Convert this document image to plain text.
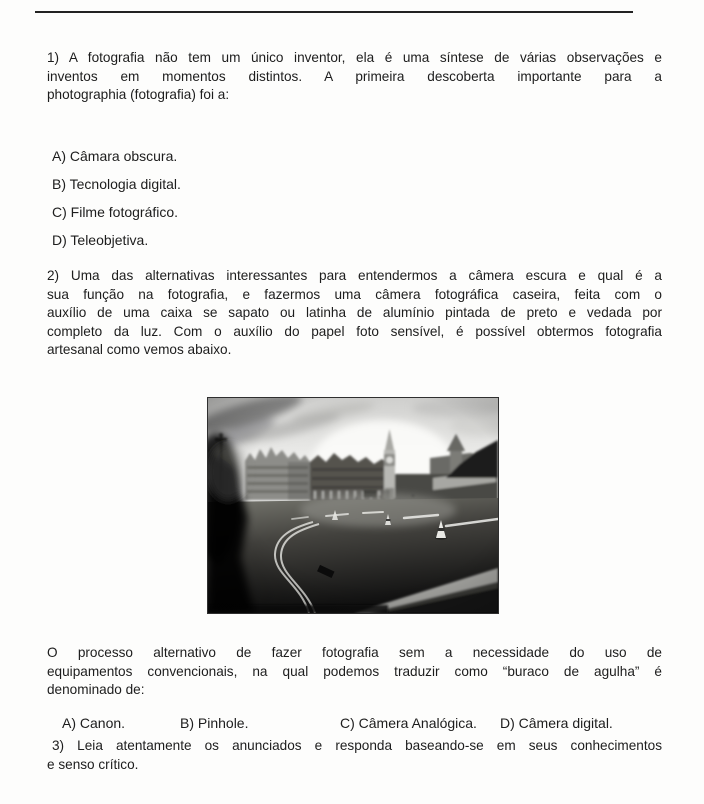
1) A fotografia não tem um único inventor, ela é uma síntese de várias observações e
inventos em momentos distintos. A primeira descoberta importante para a
photographia (fotografia) foi a:

A) Câmara obscura.
B) Tecnologia digital.
C) Filme fotográfico.
D) Teleobjetiva.

2) Uma das alternativas interessantes para entendermos a câmera escura e qual é a
sua função na fotografia, e fazermos uma câmera fotográfica caseira, feita com o
auxílio de uma caixa se sapato ou latinha de alumínio pintada de preto e vedada por
completo da luz. Com o auxílio do papel foto sensível, é possível obtermos fotografia
artesanal como vemos abaixo.

O processo alternativo de fazer fotografia sem a necessidade do uso de
equipamentos convencionais, na qual podemos traduzir como “buraco de agulha” é
denominado de:

A) Canon.	B) Pinhole.	C) Câmera Analógica. D) Câmera digital.

3) Leia atentamente os anunciados e responda baseando-se em seus conhecimentos
e senso crítico.
